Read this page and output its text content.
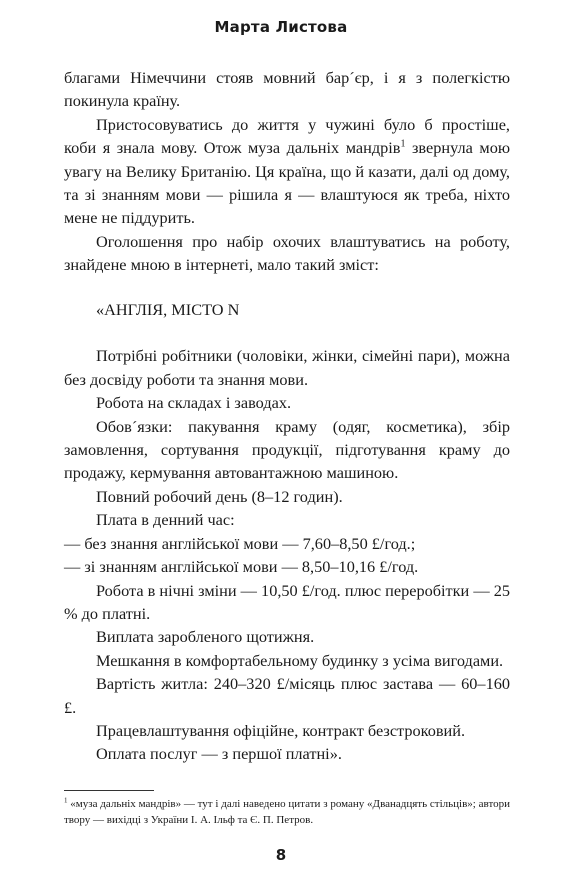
Марта Листова

благами Німеччини стояв мовний бар´єр, і я з полегкістю покинула країну.

Пристосовуватись до життя у чужині було б простіше, коби я знала мову. Отож муза дальніх мандрів$^1$ звернула мою увагу на Велику Британію. Ця країна, що й казати, далі од дому, та зі знанням мови — рішила я — влаштуюся як треба, ніхто мене не піддурить.

Оголошення про набір охочих влаштуватись на роботу, знайдене мною в інтернеті, мало такий зміст:

«АНГЛІЯ, МІСТО N

Потрібні робітники (чоловіки, жінки, сімейні пари), можна без досвіду роботи та знання мови.

Робота на складах і заводах.

Обов´язки: пакування краму (одяг, косметика), збір замовлення, сортування продукції, підготування краму до продажу, кермування автовантажною машиною.

Повний робочий день (8–12 годин).

Плата в денний час:

— без знання англійської мови — 7,60–8,50 £/год.;

— зі знанням англійської мови — 8,50–10,16 £/год.

Робота в нічні зміни — 10,50 £/год. плюс переробітки — 25 % до платні.

Виплата заробленого щотижня.

Мешкання в комфортабельному будинку з усіма вигодами.

Вартість житла: 240–320 £/місяць плюс застава — 60–160 £.

Працевлаштування офіційне, контракт безстроковий.

Оплата послуг — з першої платні».

$^1$ «муза дальніх мандрів» — тут і далі наведено цитати з роману «Дванадцять стільців»; автори твору — вихідці з України І. А. Ільф та Є. П. Петров.
8
